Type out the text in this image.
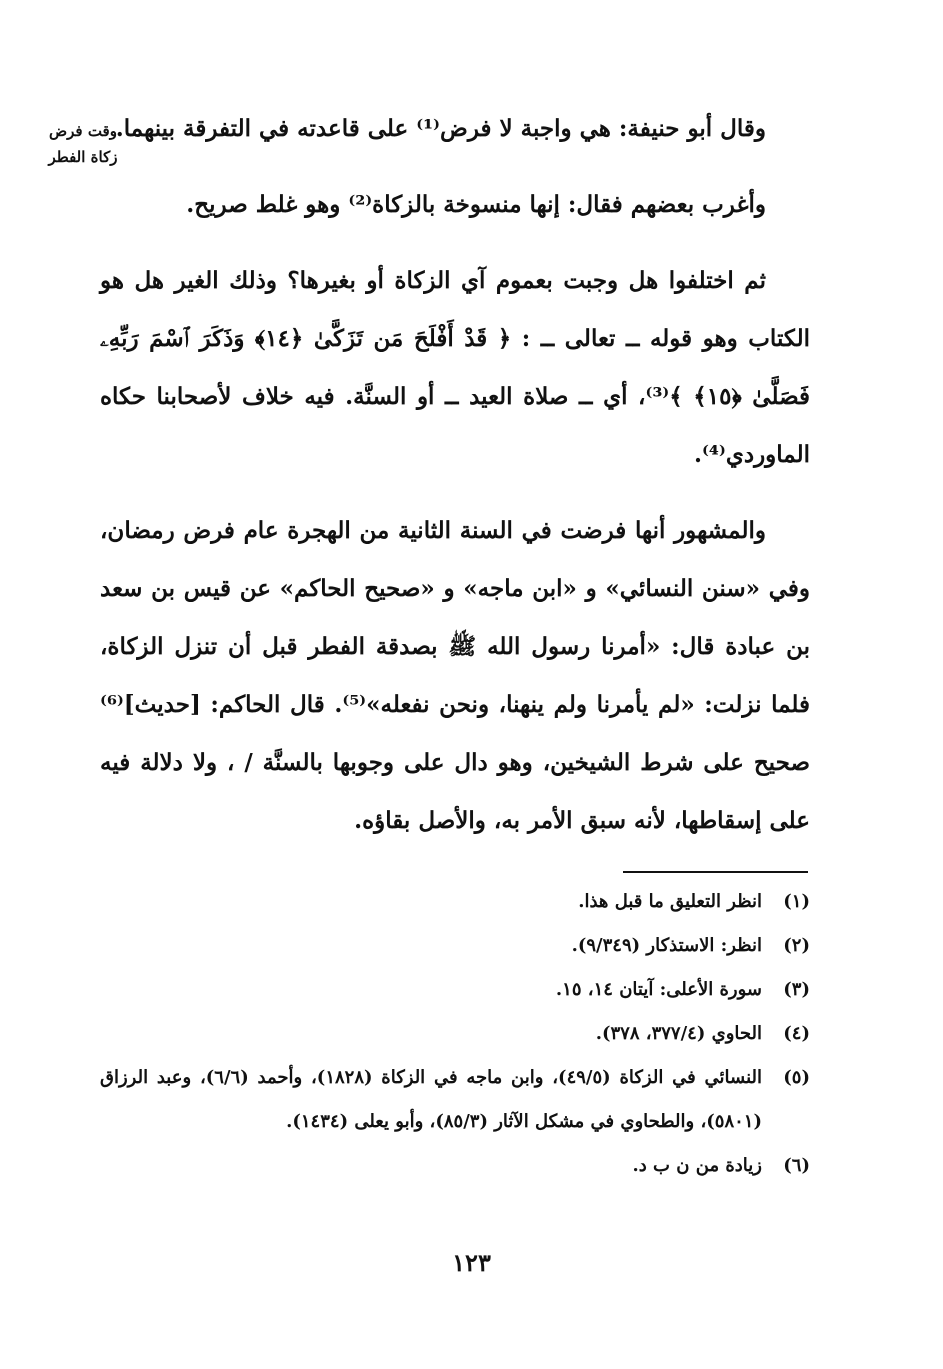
وقت فرض
زكاة الفطر

وقال أبو حنيفة: هي واجبة لا فرض⁽¹⁾ على قاعدته في التفرقة بينهما.

وأغرب بعضهم فقال: إنها منسوخة بالزكاة⁽²⁾ وهو غلط صريح.

ثم اختلفوا هل وجبت بعموم آي الزكاة أو بغيرها؟ وذلك الغير هل هو الكتاب وهو قوله ــ تعالى ــ : ﴿ قَدْ أَفْلَحَ مَن تَزَكَّىٰ ﴿١٤﴾ وَذَكَرَ ٱسْمَ رَبِّهِۦ فَصَلَّىٰ ﴿١٥﴾ ﴾⁽³⁾، أي ــ صلاة العيد ــ أو السنَّة. فيه خلاف لأصحابنا حكاه الماوردي⁽⁴⁾.

والمشهور أنها فرضت في السنة الثانية من الهجرة عام فرض رمضان، وفي «سنن النسائي» و «ابن ماجه» و «صحيح الحاكم» عن قيس بن سعد بن عبادة قال: «أمرنا رسول الله ﷺ بصدقة الفطر قبل أن تنزل الزكاة، فلما نزلت: «لم يأمرنا ولم ينهنا، ونحن نفعله»⁽⁵⁾. قال الحاكم: [حديث]⁽⁶⁾ صحيح على شرط الشيخين، وهو دال على وجوبها بالسنَّة / ، ولا دلالة فيه على إسقاطها، لأنه سبق الأمر به، والأصل بقاؤه.

(١)
انظر التعليق ما قبل هذا.
(٢)
انظر: الاستذكار (٩/٣٤٩).
(٣)
سورة الأعلى: آيتان ١٤، ١٥.
(٤)
الحاوي (٣٧٧/٤، ٣٧٨).
(٥)
النسائي في الزكاة (٤٩/٥)، وابن ماجه في الزكاة (١٨٢٨)، وأحمد (٦/٦)، وعبد الرزاق (٥٨٠١)، والطحاوي في مشكل الآثار (٨٥/٣)، وأبو يعلى (١٤٣٤).
(٦)
زيادة من ن ب د.
١٢٣
